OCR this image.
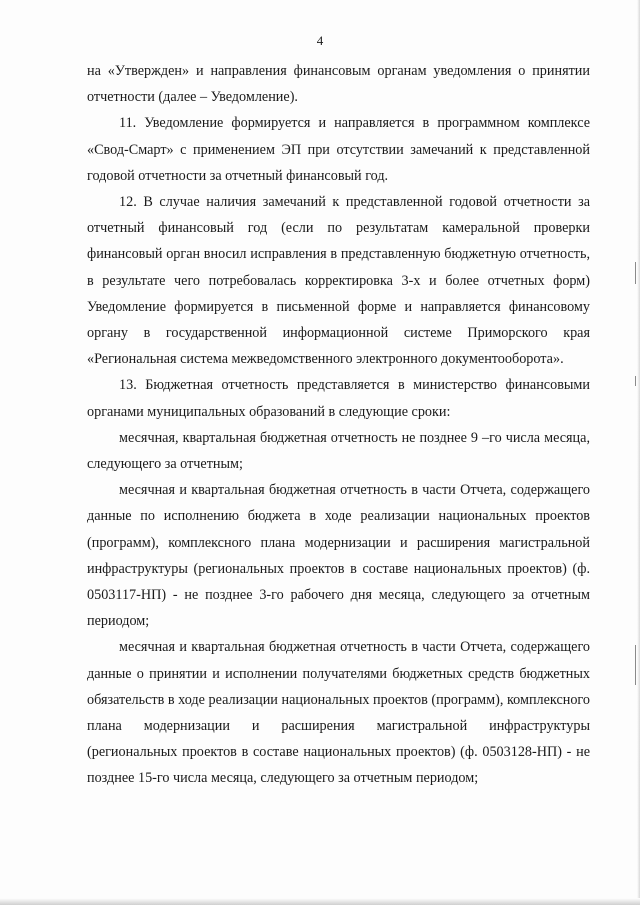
4

на «Утвержден» и направления финансовым органам уведомления о принятии отчетности (далее – Уведомление).

11. Уведомление формируется и направляется в программном комплексе «Свод-Смарт» с применением ЭП при отсутствии замечаний к представленной годовой отчетности за отчетный финансовый год.

12. В случае наличия замечаний к представленной годовой отчетности за отчетный финансовый год (если по результатам камеральной проверки финансовый орган вносил исправления в представленную бюджетную отчетность, в результате чего потребовалась корректировка 3-х и более отчетных форм) Уведомление формируется в письменной форме и направляется финансовому органу в государственной информационной системе Приморского края «Региональная система межведомственного электронного документооборота».

13. Бюджетная отчетность представляется в министерство финансовыми органами муниципальных образований в следующие сроки:

месячная, квартальная бюджетная отчетность не позднее 9 –го числа месяца, следующего за отчетным;

месячная и квартальная бюджетная отчетность в части Отчета, содержащего данные по исполнению бюджета в ходе реализации национальных проектов (программ), комплексного плана модернизации и расширения магистральной инфраструктуры (региональных проектов в составе национальных проектов) (ф. 0503117-НП) - не позднее 3-го рабочего дня месяца, следующего за отчетным периодом;

месячная и квартальная бюджетная отчетность в части Отчета, содержащего данные о принятии и исполнении получателями бюджетных средств бюджетных обязательств в ходе реализации национальных проектов (программ), комплексного плана модернизации и расширения магистральной инфраструктуры (региональных проектов в составе национальных проектов) (ф. 0503128-НП) - не позднее 15-го числа месяца, следующего за отчетным периодом;
